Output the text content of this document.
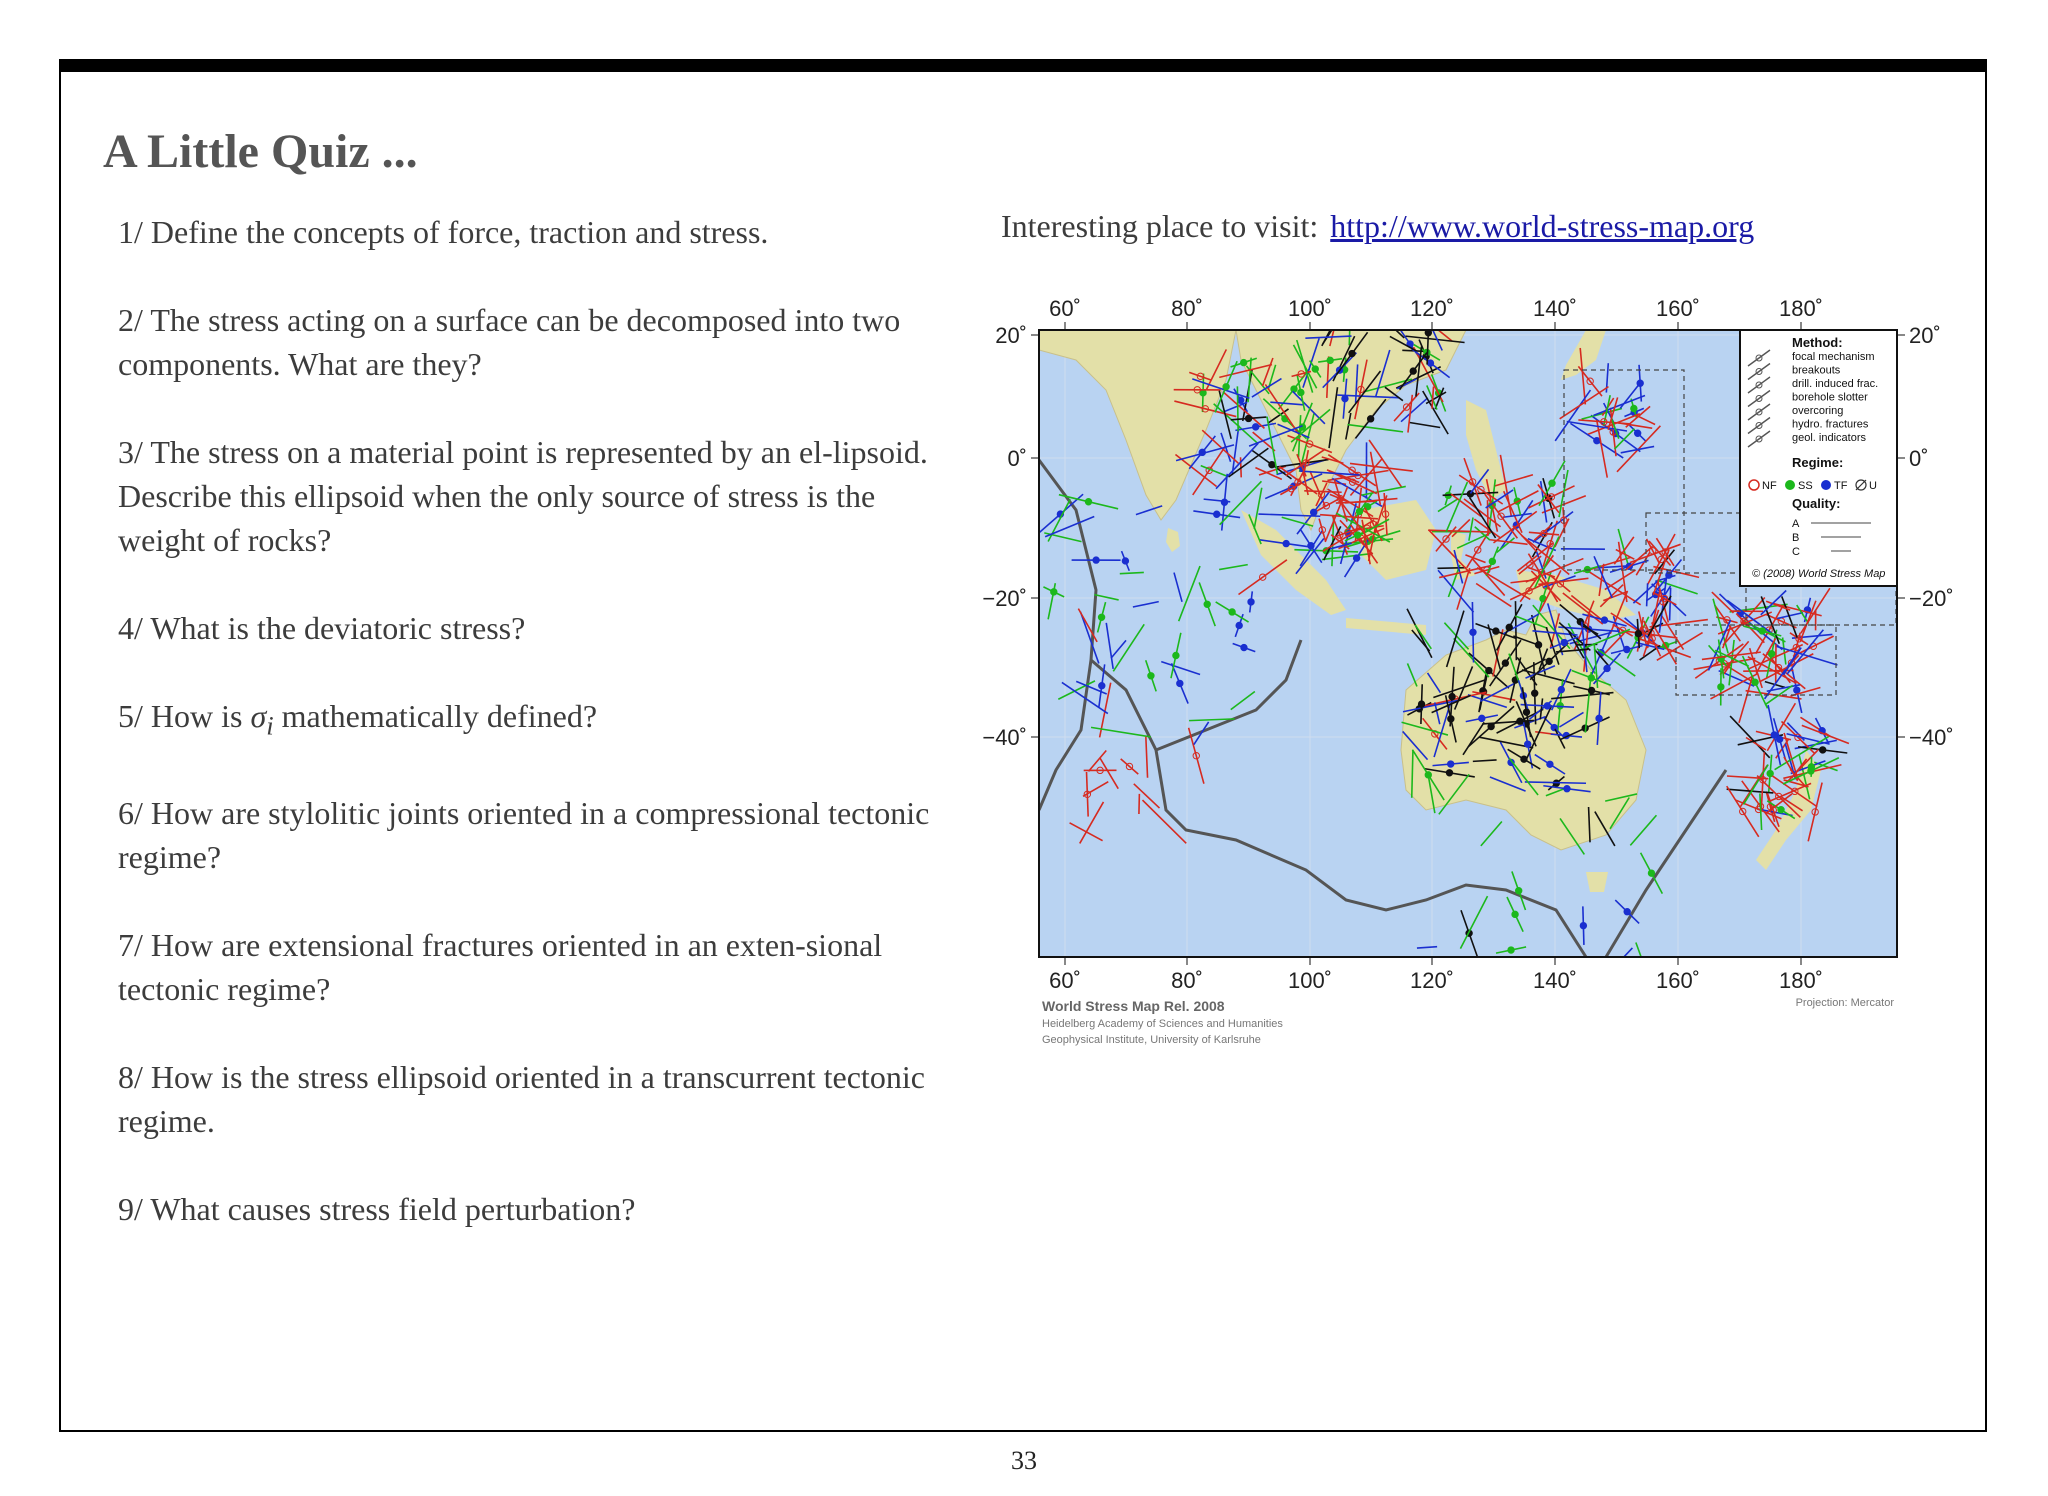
A Little Quiz ...

1/ Define the concepts of force, traction and stress.

2/ The stress acting on a surface can be decomposed into two components. What are they?

3/ The stress on a material point is represented by an el-lipsoid. Describe this ellipsoid when the only source of stress is the weight of rocks?

4/ What is the deviatoric stress?

5/ How is $\sigma_i$ mathematically defined?

6/ How are stylolitic joints oriented in a compressional tectonic regime?

7/ How are extensional fractures oriented in an exten-sional tectonic regime?

8/ How is the stress ellipsoid oriented in a transcurrent tectonic regime.

9/ What causes stress field perturbation?

Interesting place to visit: http://www.world-stress-map.org
60˚	80˚	100˚	120˚	140˚	160˚	180˚
60˚	80˚	100˚	120˚	140˚	160˚	180˚
20˚
0˚
−20˚
−40˚
20˚
0˚
−20˚
−40˚
Method:
focal mechanism
breakouts
drill. induced frac.
borehole slotter
overcoring
hydro. fractures
geol. indicators
Regime:
NF SS TF U
Quality:
A
B
C
© (2008) World Stress Map
World Stress Map Rel. 2008
Heidelberg Academy of Sciences and Humanities
Geophysical Institute, University of Karlsruhe
Projection: Mercator
33
